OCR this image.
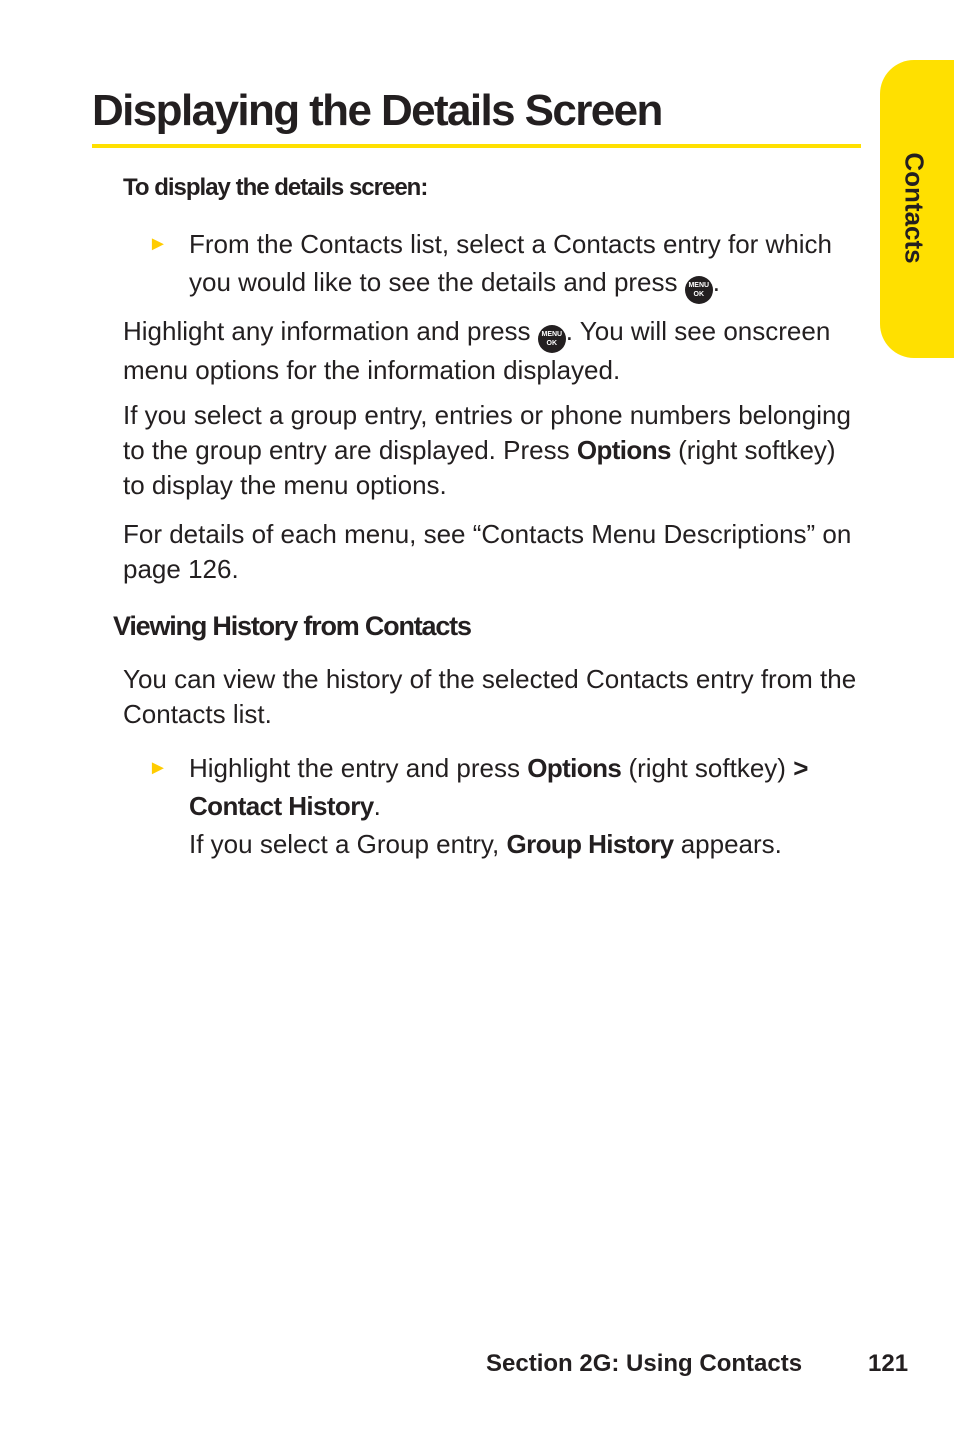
Contacts
Displaying the Details Screen
To display the details screen:
► From the Contacts list, select a Contacts entry for which you would like to see the details and press MENU
OK .
Highlight any information and press MENU
OK . You will see onscreen menu options for the information displayed.
If you select a group entry, entries or phone numbers belonging to the group entry are displayed. Press Options (right softkey) to display the menu options.
For details of each menu, see “Contacts Menu Descriptions” on page 126.
Viewing History from Contacts
You can view the history of the selected Contacts entry from the Contacts list.
► Highlight the entry and press Options (right softkey) >
Contact History.
If you select a Group entry, Group History appears.
Section 2G: Using Contacts	121
